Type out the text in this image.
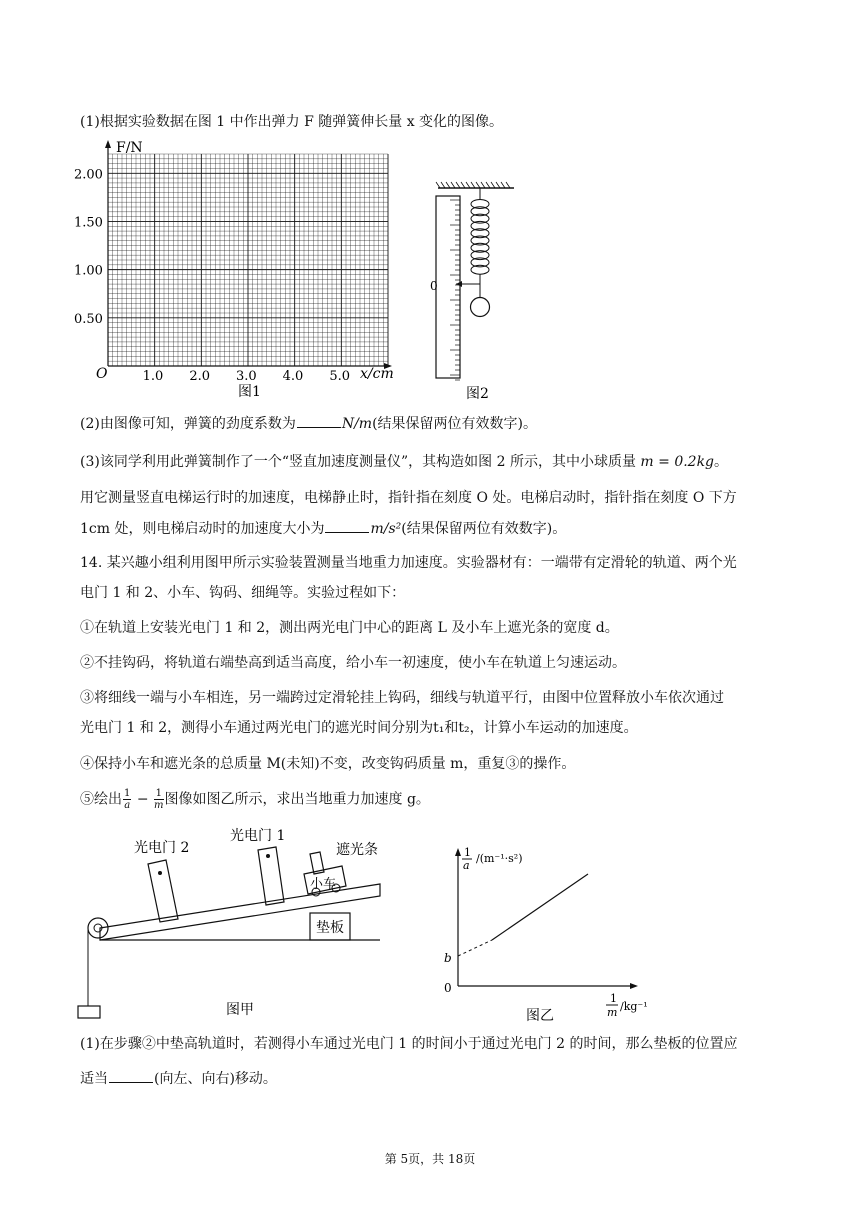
(1)根据实验数据在图 1 中作出弹力 F 随弹簧伸长量 x 变化的图像。
F/N
x/cm
O
0.50
1.00
1.50
2.00
1.0 2.0 3.0 4.0 5.0
图1
0
图2
(2)由图像可知，弹簧的劲度系数为	N/m(结果保留两位有效数字)。
(3)该同学利用此弹簧制作了一个“竖直加速度测量仪”，其构造如图 2 所示，其中小球质量 m = 0.2kg。
用它测量竖直电梯运行时的加速度，电梯静止时，指针指在刻度 O 处。电梯启动时，指针指在刻度 O 下方
1cm 处，则电梯启动时的加速度大小为	m/s²(结果保留两位有效数字)。
14. 某兴趣小组利用图甲所示实验装置测量当地重力加速度。实验器材有：一端带有定滑轮的轨道、两个光
电门 1 和 2、小车、钩码、细绳等。实验过程如下：
①在轨道上安装光电门 1 和 2，测出两光电门中心的距离 L 及小车上遮光条的宽度 d。
②不挂钩码，将轨道右端垫高到适当高度，给小车一初速度，使小车在轨道上匀速运动。
③将细线一端与小车相连，另一端跨过定滑轮挂上钩码，细线与轨道平行，由图中位置释放小车依次通过
光电门 1 和 2，测得小车通过两光电门的遮光时间分别为t₁和t₂，计算小车运动的加速度。
④保持小车和遮光条的总质量 M(未知)不变，改变钩码质量 m，重复③的操作。
⑤绘出 $\frac{1}{a} - \frac{1}{m}$ 图像如图乙所示，求出当地重力加速度 g。
垫板
光电门 2
光电门 1
小车
遮光条
图甲
1
a
/(m⁻¹·s²)
b
0
1
m /kg⁻¹
图乙
(1)在步骤②中垫高轨道时，若测得小车通过光电门 1 的时间小于通过光电门 2 的时间，那么垫板的位置应
适当	(向左、向右)移动。
第 5页，共 18页
